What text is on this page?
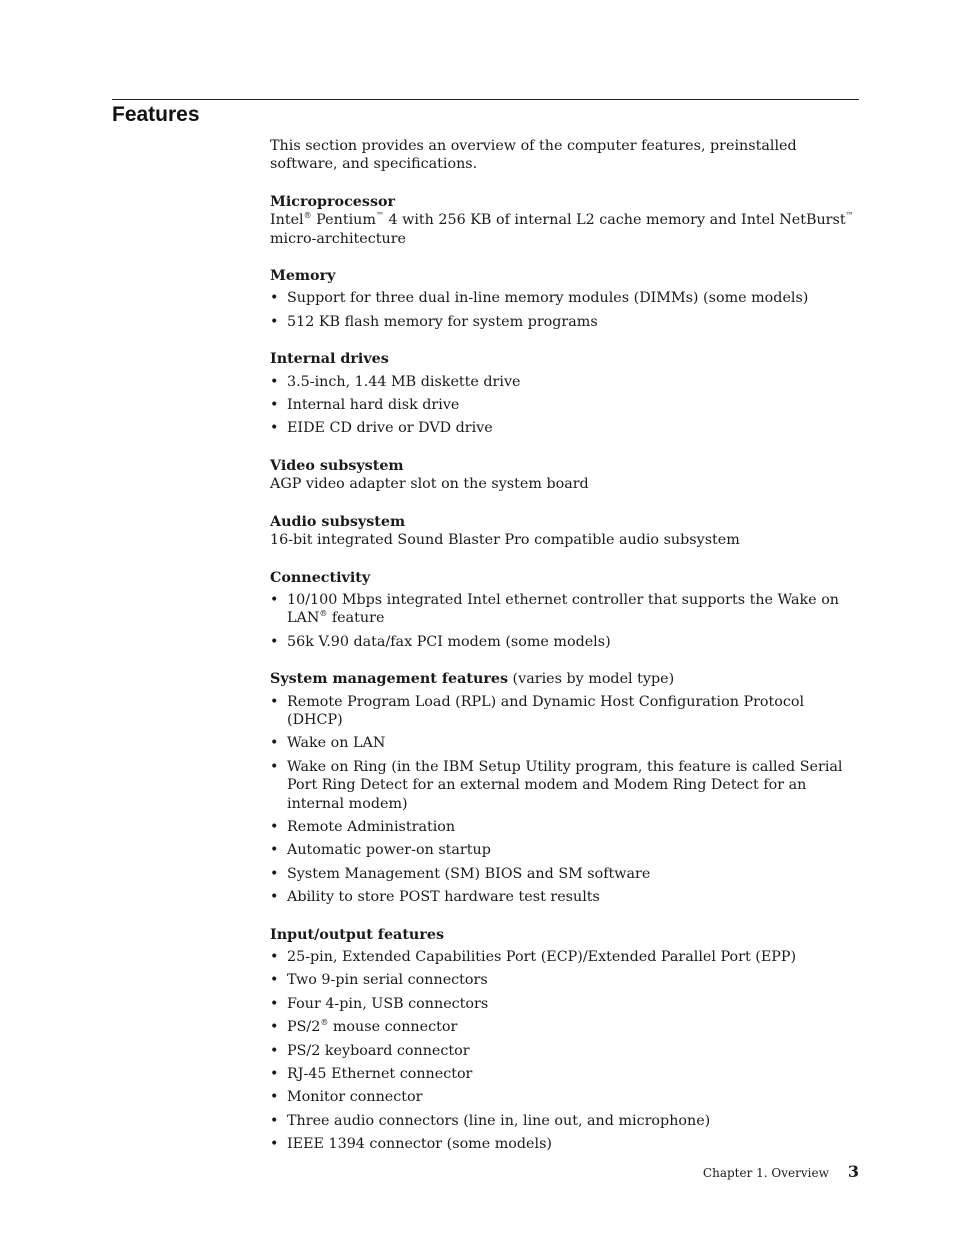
Features

This section provides an overview of the computer features, preinstalled software, and specifications.

Microprocessor

Intel® Pentium™ 4 with 256 KB of internal L2 cache memory and Intel NetBurst™ micro-architecture

Memory

• Support for three dual in-line memory modules (DIMMs) (some models)
• 512 KB flash memory for system programs

Internal drives

• 3.5-inch, 1.44 MB diskette drive
• Internal hard disk drive
• EIDE CD drive or DVD drive

Video subsystem

AGP video adapter slot on the system board

Audio subsystem

16-bit integrated Sound Blaster Pro compatible audio subsystem

Connectivity

• 10/100 Mbps integrated Intel ethernet controller that supports the Wake on LAN® feature
• 56k V.90 data/fax PCI modem (some models)

System management features (varies by model type)

• Remote Program Load (RPL) and Dynamic Host Configuration Protocol (DHCP)
• Wake on LAN
• Wake on Ring (in the IBM Setup Utility program, this feature is called Serial Port Ring Detect for an external modem and Modem Ring Detect for an internal modem)
• Remote Administration
• Automatic power-on startup
• System Management (SM) BIOS and SM software
• Ability to store POST hardware test results

Input/output features

• 25-pin, Extended Capabilities Port (ECP)/Extended Parallel Port (EPP)
• Two 9-pin serial connectors
• Four 4-pin, USB connectors
• PS/2® mouse connector
• PS/2 keyboard connector
• RJ-45 Ethernet connector
• Monitor connector
• Three audio connectors (line in, line out, and microphone)
• IEEE 1394 connector (some models)
Chapter 1. Overview 3
